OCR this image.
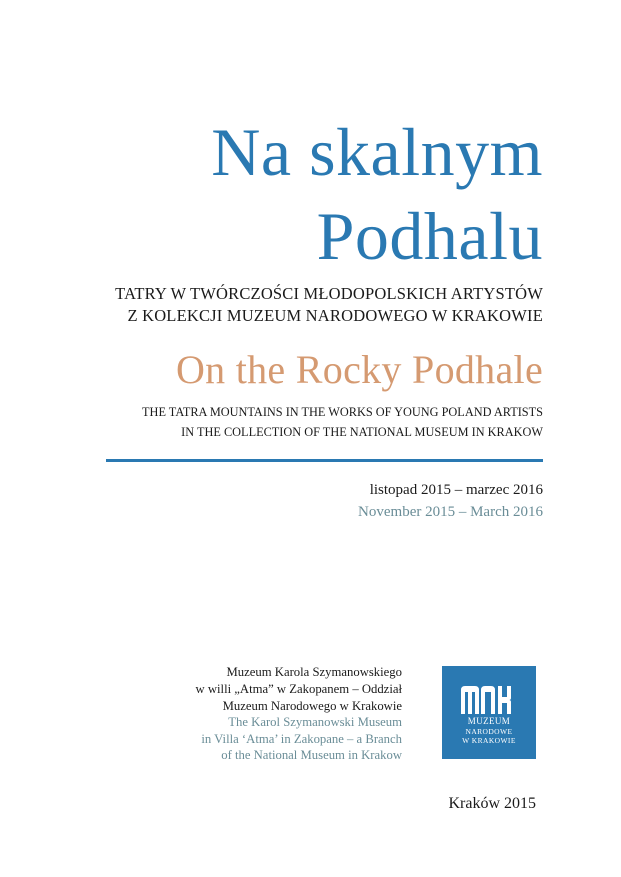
Na skalnym
Podhalu
TATRY W TWÓRCZOŚCI MŁODOPOLSKICH ARTYSTÓW
Z KOLEKCJI MUZEUM NARODOWEGO W KRAKOWIE
On the Rocky Podhale
THE TATRA MOUNTAINS IN THE WORKS OF YOUNG POLAND ARTISTS
IN THE COLLECTION OF THE NATIONAL MUSEUM IN KRAKOW
listopad 2015 – marzec 2016
November 2015 – March 2016
Muzeum Karola Szymanowskiego
w willi „Atma” w Zakopanem – Oddział
Muzeum Narodowego w Krakowie
The Karol Szymanowski Museum
in Villa ‘Atma’ in Zakopane – a Branch
of the National Museum in Krakow
MUZEUM
NARODOWE
W KRAKOWIE
Kraków 2015
